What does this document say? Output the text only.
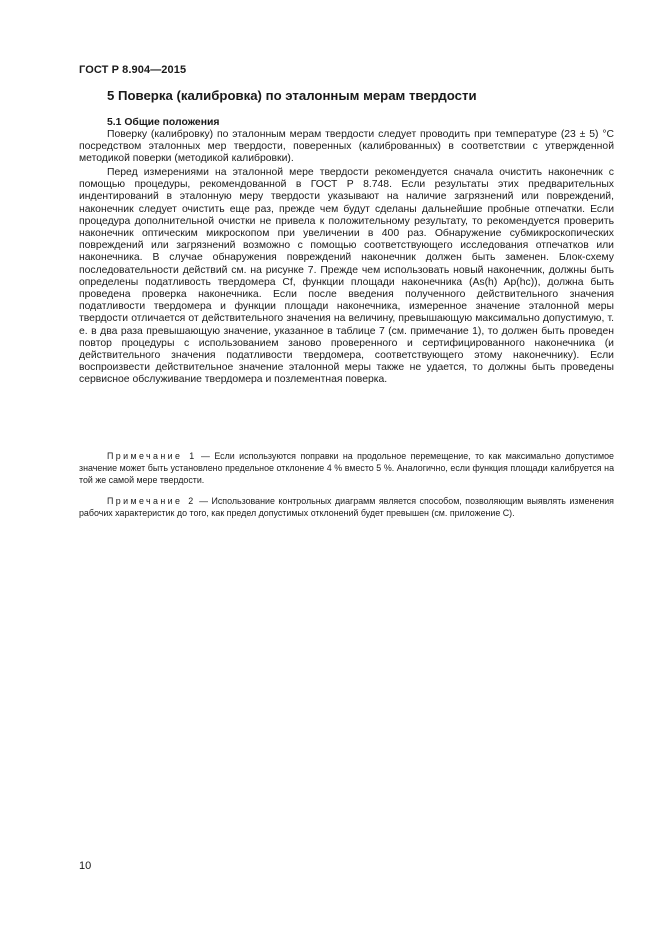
ГОСТ Р 8.904—2015
5 Поверка (калибровка) по эталонным мерам твердости
5.1 Общие положения

Поверку (калибровку) по эталонным мерам твердости следует проводить при температуре (23 ± 5) °С посредством эталонных мер твердости, поверенных (калиброванных) в соответствии с утвержденной методикой поверки (методикой калибровки).

Перед измерениями на эталонной мере твердости рекомендуется сначала очистить наконечник с помощью процедуры, рекомендованной в ГОСТ Р 8.748. Если результаты этих предварительных индентирований в эталонную меру твердости указывают на наличие загрязнений или повреждений, наконечник следует очистить еще раз, прежде чем будут сделаны дальнейшие пробные отпечатки. Если процедура дополнительной очистки не привела к положительному результату, то рекомендуется проверить наконечник оптическим микроскопом при увеличении в 400 раз. Обнаружение субмикроскопических повреждений или загрязнений возможно с помощью соответствующего исследования отпечатков или наконечника. В случае обнаружения повреждений наконечник должен быть заменен. Блок-схему последовательности действий см. на рисунке 7. Прежде чем использовать новый наконечник, должны быть определены податливость твердомера Cf, функции площади наконечника (As(h) Ap(hc)), должна быть проведена проверка наконечника. Если после введения полученного действительного значения податливости твердомера и функции площади наконечника, измеренное значение эталонной меры твердости отличается от действительного значения на величину, превышающую максимально допустимую, т. е. в два раза превышающую значение, указанное в таблице 7 (см. примечание 1), то должен быть проведен повтор процедуры с использованием заново проверенного и сертифицированного наконечника (и действительного значения податливости твердомера, соответствующего этому наконечнику). Если воспроизвести действительное значение эталонной меры также не удается, то должны быть проведены сервисное обслуживание твердомера и позлементная поверка.

Примечание 1 — Если используются поправки на продольное перемещение, то как максимально допустимое значение может быть установлено предельное отклонение 4 % вместо 5 %. Аналогично, если функция площади калибруется на той же самой мере твердости.

Примечание 2 — Использование контрольных диаграмм является способом, позволяющим выявлять изменения рабочих характеристик до того, как предел допустимых отклонений будет превышен (см. приложение С).

10
